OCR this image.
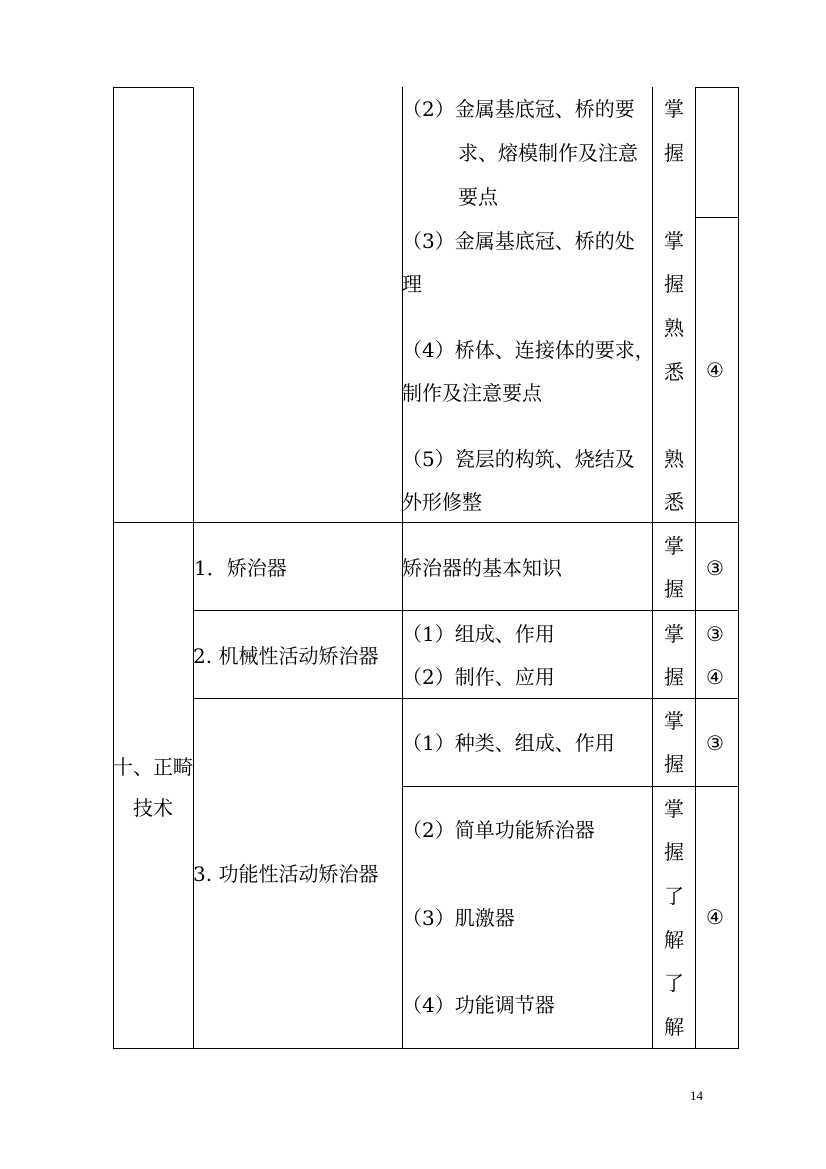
（2）金属基底冠、桥的要
求、熔模制作及注意
要点
（3）金属基底冠、桥的处
理
（4）桥体、连接体的要求，
制作及注意要点
（5）瓷层的构筑、烧结及
外形修整
掌
握
掌
握
熟
悉
熟
悉
④
十、正畸
技术
1．矫治器	矫治器的基本知识
掌
握
③
2. 机械性活动矫治器
（1）组成、作用
（2）制作、应用
掌
握
③
④
3. 功能性活动矫治器
（1）种类、组成、作用
掌
握
③
（2）简单功能矫治器
（3）肌激器
（4）功能调节器
掌
握
了
解
了
解
④
14
